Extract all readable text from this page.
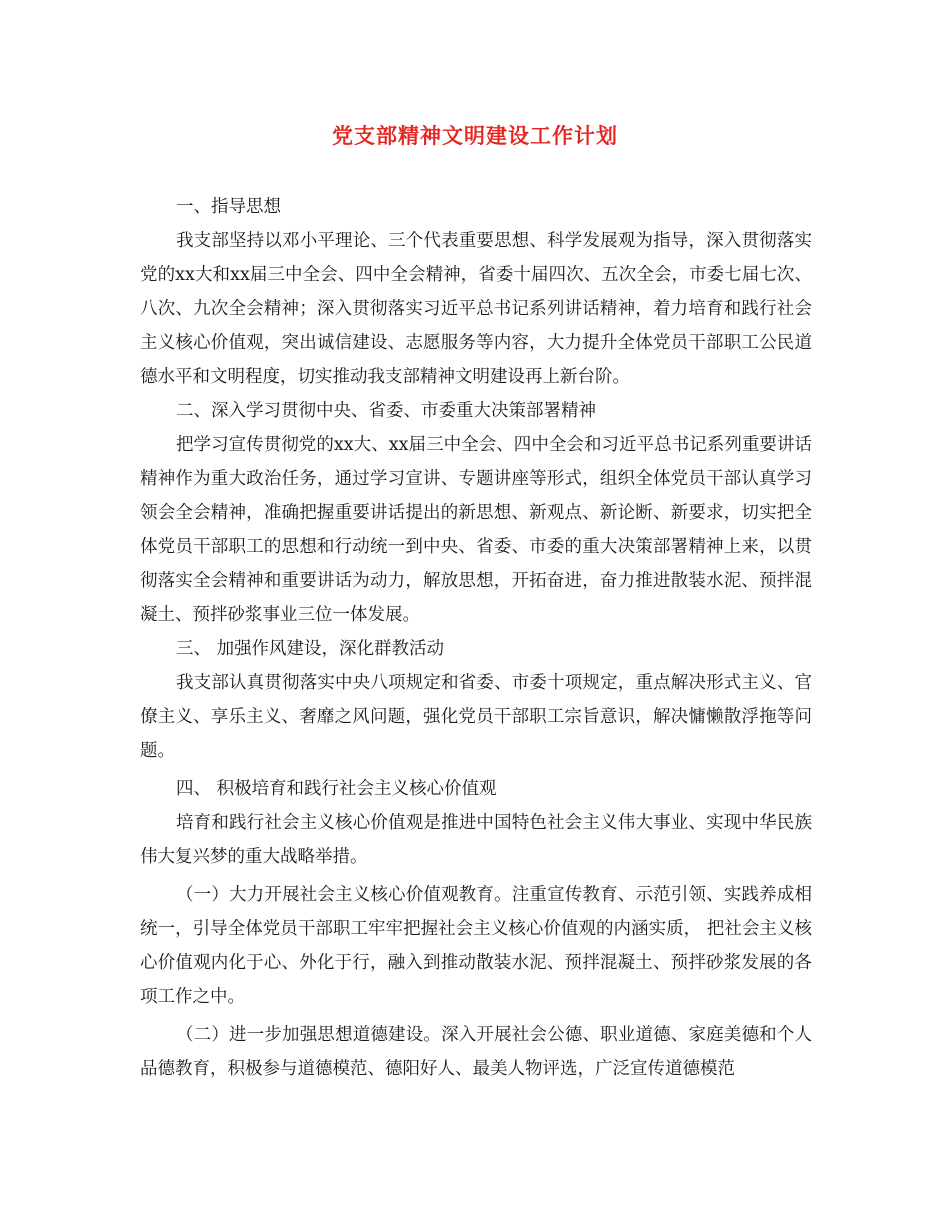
党支部精神文明建设工作计划

一、指导思想

我支部坚持以邓小平理论、三个代表重要思想、科学发展观为指导，深入贯彻落实党的xx大和xx届三中全会、四中全会精神，省委十届四次、五次全会，市委七届七次、八次、九次全会精神；深入贯彻落实习近平总书记系列讲话精神，着力培育和践行社会主义核心价值观，突出诚信建设、志愿服务等内容，大力提升全体党员干部职工公民道德水平和文明程度，切实推动我支部精神文明建设再上新台阶。

二、深入学习贯彻中央、省委、市委重大决策部署精神

把学习宣传贯彻党的xx大、xx届三中全会、四中全会和习近平总书记系列重要讲话精神作为重大政治任务，通过学习宣讲、专题讲座等形式，组织全体党员干部认真学习领会全会精神，准确把握重要讲话提出的新思想、新观点、新论断、新要求，切实把全体党员干部职工的思想和行动统一到中央、省委、市委的重大决策部署精神上来，以贯彻落实全会精神和重要讲话为动力，解放思想，开拓奋进，奋力推进散装水泥、预拌混凝土、预拌砂浆事业三位一体发展。

三、 加强作风建设，深化群教活动

我支部认真贯彻落实中央八项规定和省委、市委十项规定，重点解决形式主义、官僚主义、享乐主义、奢靡之风问题，强化党员干部职工宗旨意识，解决慵懒散浮拖等问题。

四、 积极培育和践行社会主义核心价值观

培育和践行社会主义核心价值观是推进中国特色社会主义伟大事业、实现中华民族伟大复兴梦的重大战略举措。

（一）大力开展社会主义核心价值观教育。注重宣传教育、示范引领、实践养成相统一，引导全体党员干部职工牢牢把握社会主义核心价值观的内涵实质， 把社会主义核心价值观内化于心、外化于行，融入到推动散装水泥、预拌混凝土、预拌砂浆发展的各项工作之中。

（二）进一步加强思想道德建设。深入开展社会公德、职业道德、家庭美德和个人品德教育，积极参与道德模范、德阳好人、最美人物评选，广泛宣传道德模范
